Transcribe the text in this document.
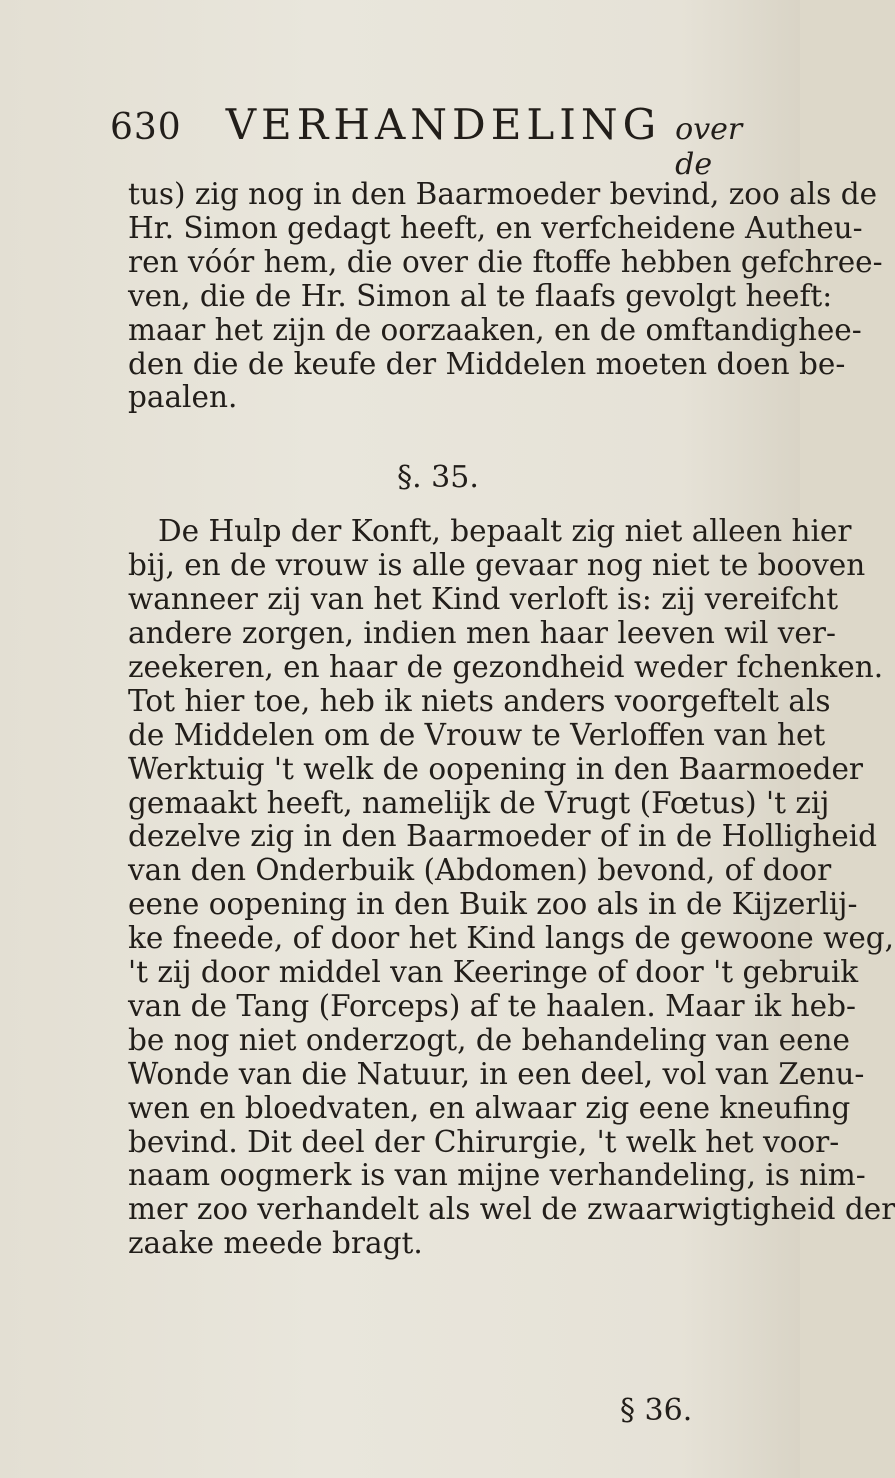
630 VERHANDELING over de
tus) zig nog in den Baarmoeder bevind, zoo als de
Hr. Simon gedagt heeft, en verfcheidene Autheu-
ren vóór hem, die over die ftoffe hebben gefchree-
ven, die de Hr. Simon al te flaafs gevolgt heeft:
maar het zijn de oorzaaken, en de omftandighee-
den die de keufe der Middelen moeten doen be-
paalen.
§. 35.
De Hulp der Konft, bepaalt zig niet alleen hier
bij, en de vrouw is alle gevaar nog niet te booven
wanneer zij van het Kind verloft is: zij vereifcht
andere zorgen, indien men haar leeven wil ver-
zeekeren, en haar de gezondheid weder fchenken.
Tot hier toe, heb ik niets anders voorgeftelt als
de Middelen om de Vrouw te Verloffen van het
Werktuig 't welk de oopening in den Baarmoeder
gemaakt heeft, namelijk de Vrugt (Fœtus) 't zij
dezelve zig in den Baarmoeder of in de Holligheid
van den Onderbuik (Abdomen) bevond, of door
eene oopening in den Buik zoo als in de Kijzerlij-
ke fneede, of door het Kind langs de gewoone weg,
't zij door middel van Keeringe of door 't gebruik
van de Tang (Forceps) af te haalen. Maar ik heb-
be nog niet onderzogt, de behandeling van eene
Wonde van die Natuur, in een deel, vol van Zenu-
wen en bloedvaten, en alwaar zig eene kneufing
bevind. Dit deel der Chirurgie, 't welk het voor-
naam oogmerk is van mijne verhandeling, is nim-
mer zoo verhandelt als wel de zwaarwigtigheid der
zaake meede bragt.
§ 36.
